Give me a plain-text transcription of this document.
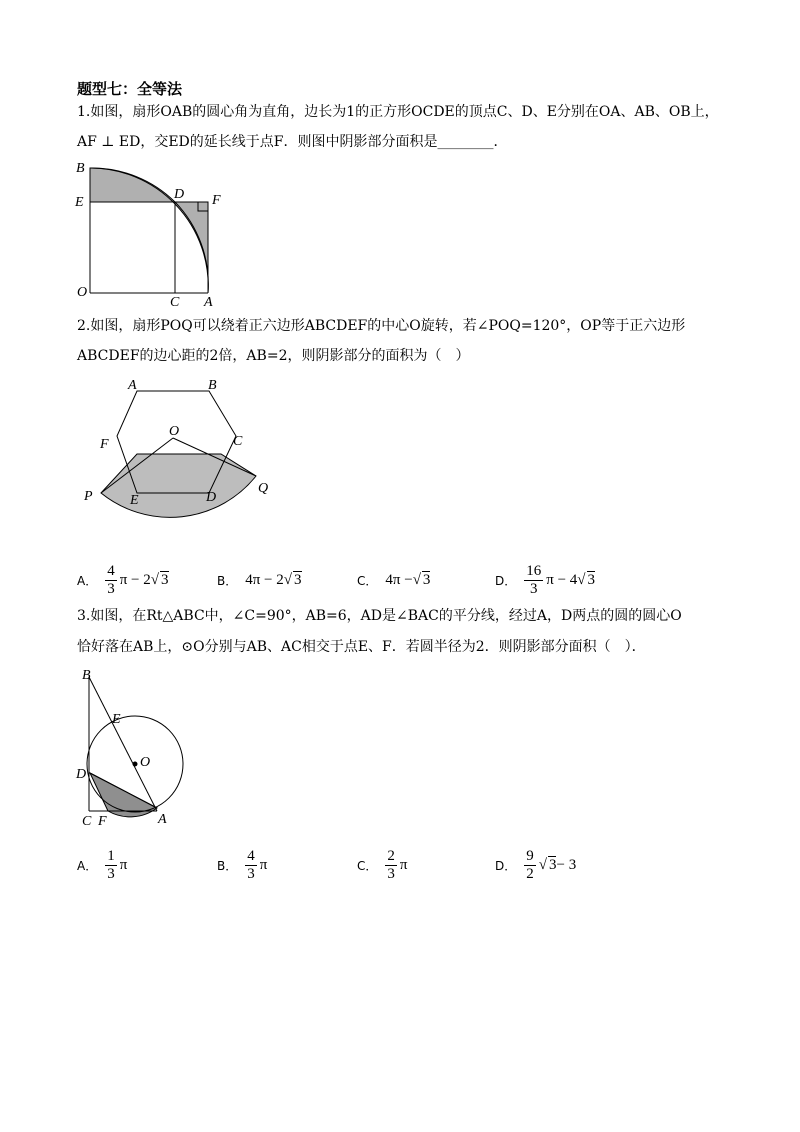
题型七：全等法
1.如图，扇形OAB的圆心角为直角，边长为1的正方形OCDE的顶点C、D、E分别在OA、AB、OB上，
AF ⊥ ED，交ED的延长线于点F．则图中阴影部分面积是________．
B
D F
E
O
C A
2.如图，扇形POQ可以绕着正六边形ABCDEF的中心O旋转，若∠POQ=120°，OP等于正六边形
ABCDEF的边心距的2倍，AB=2，则阴影部分的面积为（　）
A	B
F
O
C
P	E	D
Q
A． $\frac{4}{3}$ π − 2 √ 3	B． 4π − 2 √ 3	C． 4π − √ 3	D． $\frac{16}{3}$ π − 4 √ 3
3.如图，在Rt△ABC中，∠C=90°，AB=6，AD是∠BAC的平分线，经过A，D两点的圆的圆心O
恰好落在AB上，⊙O分别与AB、AC相交于点E、F．若圆半径为2．则阴影部分面积（　）．
B
E
O
D
C F	A
A． $\frac{1}{3}$ π	B． $\frac{4}{3}$ π	C． $\frac{2}{3}$ π	D． $\frac{9}{2}$ √ 3 − 3
